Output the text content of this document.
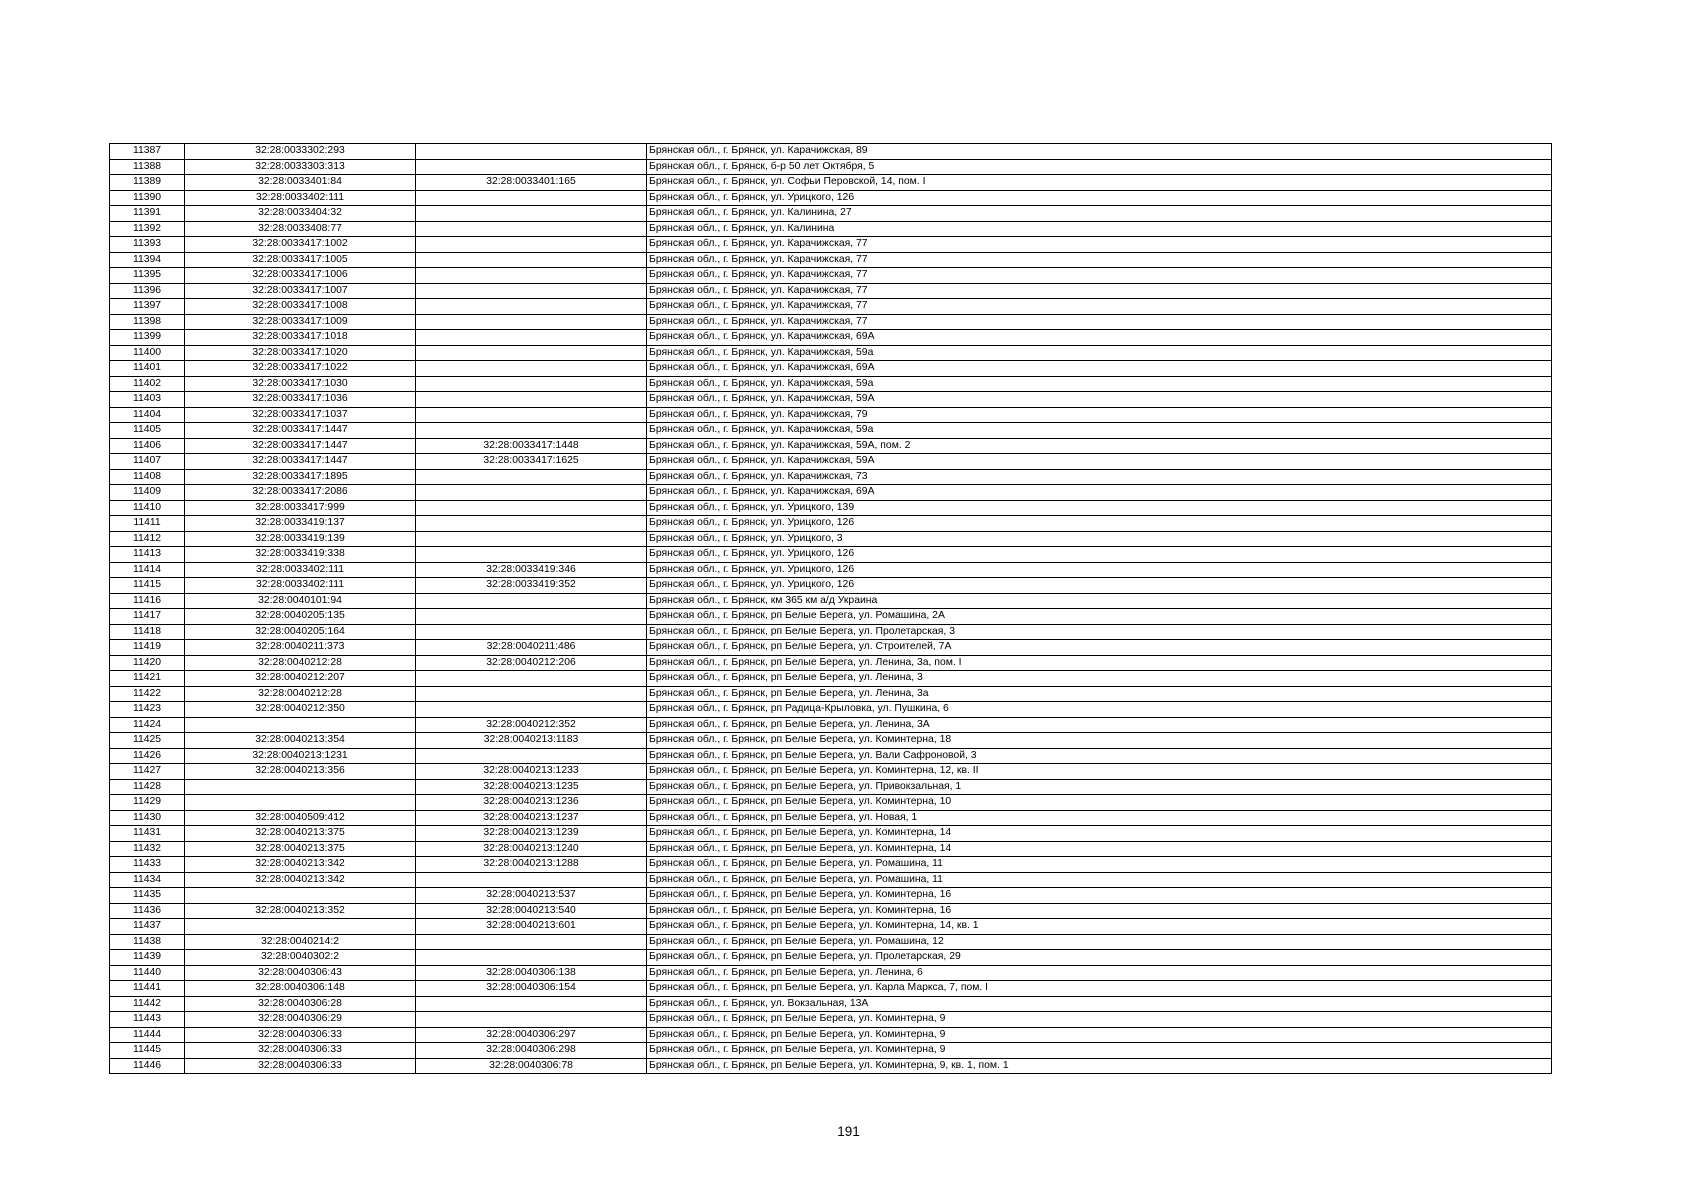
11387	32:28:0033302:293		Брянская обл., г. Брянск, ул. Карачижская, 89
11388	32:28:0033303:313		Брянская обл., г. Брянск, б-р 50 лет Октября, 5
11389	32:28:0033401:84	32:28:0033401:165	Брянская обл., г. Брянск, ул. Софьи Перовской, 14, пом. I
11390	32:28:0033402:111		Брянская обл., г. Брянск, ул. Урицкого, 126
11391	32:28:0033404:32		Брянская обл., г. Брянск, ул. Калинина, 27
11392	32:28:0033408:77		Брянская обл., г. Брянск, ул. Калинина
11393	32:28:0033417:1002		Брянская обл., г. Брянск, ул. Карачижская, 77
11394	32:28:0033417:1005		Брянская обл., г. Брянск, ул. Карачижская, 77
11395	32:28:0033417:1006		Брянская обл., г. Брянск, ул. Карачижская, 77
11396	32:28:0033417:1007		Брянская обл., г. Брянск, ул. Карачижская, 77
11397	32:28:0033417:1008		Брянская обл., г. Брянск, ул. Карачижская, 77
11398	32:28:0033417:1009		Брянская обл., г. Брянск, ул. Карачижская, 77
11399	32:28:0033417:1018		Брянская обл., г. Брянск, ул. Карачижская, 69А
11400	32:28:0033417:1020		Брянская обл., г. Брянск, ул. Карачижская, 59а
11401	32:28:0033417:1022		Брянская обл., г. Брянск, ул. Карачижская, 69А
11402	32:28:0033417:1030		Брянская обл., г. Брянск, ул. Карачижская, 59а
11403	32:28:0033417:1036		Брянская обл., г. Брянск, ул. Карачижская, 59А
11404	32:28:0033417:1037		Брянская обл., г. Брянск, ул. Карачижская, 79
11405	32:28:0033417:1447		Брянская обл., г. Брянск, ул. Карачижская, 59а
11406	32:28:0033417:1447	32:28:0033417:1448	Брянская обл., г. Брянск, ул. Карачижская, 59А, пом. 2
11407	32:28:0033417:1447	32:28:0033417:1625	Брянская обл., г. Брянск, ул. Карачижская, 59А
11408	32:28:0033417:1895		Брянская обл., г. Брянск, ул. Карачижская, 73
11409	32:28:0033417:2086		Брянская обл., г. Брянск, ул. Карачижская, 69А
11410	32:28:0033417:999		Брянская обл., г. Брянск, ул. Урицкого, 139
11411	32:28:0033419:137		Брянская обл., г. Брянск, ул. Урицкого, 126
11412	32:28:0033419:139		Брянская обл., г. Брянск, ул. Урицкого, 3
11413	32:28:0033419:338		Брянская обл., г. Брянск, ул. Урицкого, 126
11414	32:28:0033402:111	32:28:0033419:346	Брянская обл., г. Брянск, ул. Урицкого, 126
11415	32:28:0033402:111	32:28:0033419:352	Брянская обл., г. Брянск, ул. Урицкого, 126
11416	32:28:0040101:94		Брянская обл., г. Брянск, км 365 км а/д Украина
11417	32:28:0040205:135		Брянская обл., г. Брянск, рп Белые Берега, ул. Ромашина, 2А
11418	32:28:0040205:164		Брянская обл., г. Брянск, рп Белые Берега, ул. Пролетарская, 3
11419	32:28:0040211:373	32:28:0040211:486	Брянская обл., г. Брянск, рп Белые Берега, ул. Строителей, 7А
11420	32:28:0040212:28	32:28:0040212:206	Брянская обл., г. Брянск, рп Белые Берега, ул. Ленина, 3а, пом. I
11421	32:28:0040212:207		Брянская обл., г. Брянск, рп Белые Берега, ул. Ленина, 3
11422	32:28:0040212:28		Брянская обл., г. Брянск, рп Белые Берега, ул. Ленина, 3а
11423	32:28:0040212:350		Брянская обл., г. Брянск, рп Радица-Крыловка, ул. Пушкина, 6
11424		32:28:0040212:352	Брянская обл., г. Брянск, рп Белые Берега, ул. Ленина, 3А
11425	32:28:0040213:354	32:28:0040213:1183	Брянская обл., г. Брянск, рп Белые Берега, ул. Коминтерна, 18
11426	32:28:0040213:1231		Брянская обл., г. Брянск, рп Белые Берега, ул. Вали Сафроновой, 3
11427	32:28:0040213:356	32:28:0040213:1233	Брянская обл., г. Брянск, рп Белые Берега, ул. Коминтерна, 12, кв. II
11428		32:28:0040213:1235	Брянская обл., г. Брянск, рп Белые Берега, ул. Привокзальная, 1
11429		32:28:0040213:1236	Брянская обл., г. Брянск, рп Белые Берега, ул. Коминтерна, 10
11430	32:28:0040509:412	32:28:0040213:1237	Брянская обл., г. Брянск, рп Белые Берега, ул. Новая, 1
11431	32:28:0040213:375	32:28:0040213:1239	Брянская обл., г. Брянск, рп Белые Берега, ул. Коминтерна, 14
11432	32:28:0040213:375	32:28:0040213:1240	Брянская обл., г. Брянск, рп Белые Берега, ул. Коминтерна, 14
11433	32:28:0040213:342	32:28:0040213:1288	Брянская обл., г. Брянск, рп Белые Берега, ул. Ромашина, 11
11434	32:28:0040213:342		Брянская обл., г. Брянск, рп Белые Берега, ул. Ромашина, 11
11435		32:28:0040213:537	Брянская обл., г. Брянск, рп Белые Берега, ул. Коминтерна, 16
11436	32:28:0040213:352	32:28:0040213:540	Брянская обл., г. Брянск, рп Белые Берега, ул. Коминтерна, 16
11437		32:28:0040213:601	Брянская обл., г. Брянск, рп Белые Берега, ул. Коминтерна, 14, кв. 1
11438	32:28:0040214:2		Брянская обл., г. Брянск, рп Белые Берега, ул. Ромашина, 12
11439	32:28:0040302:2		Брянская обл., г. Брянск, рп Белые Берега, ул. Пролетарская, 29
11440	32:28:0040306:43	32:28:0040306:138	Брянская обл., г. Брянск, рп Белые Берега, ул. Ленина, 6
11441	32:28:0040306:148	32:28:0040306:154	Брянская обл., г. Брянск, рп Белые Берега, ул. Карла Маркса, 7, пом. I
11442	32:28:0040306:28		Брянская обл., г. Брянск, ул. Вокзальная, 13А
11443	32:28:0040306:29		Брянская обл., г. Брянск, рп Белые Берега, ул. Коминтерна, 9
11444	32:28:0040306:33	32:28:0040306:297	Брянская обл., г. Брянск, рп Белые Берега, ул. Коминтерна, 9
11445	32:28:0040306:33	32:28:0040306:298	Брянская обл., г. Брянск, рп Белые Берега, ул. Коминтерна, 9
11446	32:28:0040306:33	32:28:0040306:78	Брянская обл., г. Брянск, рп Белые Берега, ул. Коминтерна, 9, кв. 1, пом. 1
191
